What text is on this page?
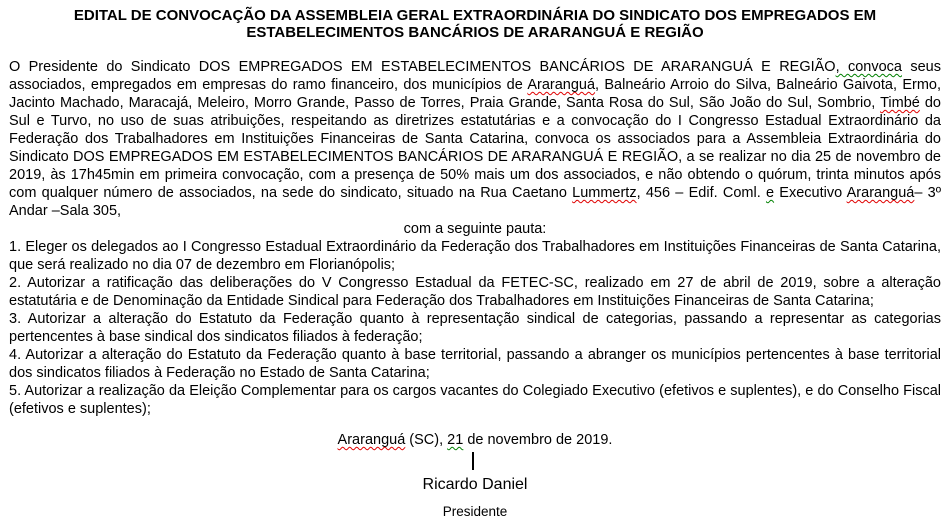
EDITAL DE CONVOCAÇÃO DA ASSEMBLEIA GERAL EXTRAORDINÁRIA DO SINDICATO DOS EMPREGADOS EM ESTABELECIMENTOS BANCÁRIOS DE ARARANGUÁ E REGIÃO

O Presidente do Sindicato DOS EMPREGADOS EM ESTABELECIMENTOS BANCÁRIOS DE ARARANGUÁ E REGIÃO, convoca seus associados, empregados em empresas do ramo financeiro, dos municípios de Araranguá, Balneário Arroio do Silva, Balneário Gaivota, Ermo, Jacinto Machado, Maracajá, Meleiro, Morro Grande, Passo de Torres, Praia Grande, Santa Rosa do Sul, São João do Sul, Sombrio, Timbé do Sul e Turvo, no uso de suas atribuições, respeitando as diretrizes estatutárias e a convocação do I Congresso Estadual Extraordinário da Federação dos Trabalhadores em Instituições Financeiras de Santa Catarina, convoca os associados para a Assembleia Extraordinária do Sindicato DOS EMPREGADOS EM ESTABELECIMENTOS BANCÁRIOS DE ARARANGUÁ E REGIÃO, a se realizar no dia 25 de novembro de 2019, às 17h45min em primeira convocação, com a presença de 50% mais um dos associados, e não obtendo o quórum, trinta minutos após com qualquer número de associados, na sede do sindicato, situado na Rua Caetano Lummertz, 456 – Edif. Coml. e Executivo Araranguá– 3º Andar –Sala 305,

com a seguinte pauta:

1. Eleger os delegados ao I Congresso Estadual Extraordinário da Federação dos Trabalhadores em Instituições Financeiras de Santa Catarina, que será realizado no dia 07 de dezembro em Florianópolis;

2. Autorizar a ratificação das deliberações do V Congresso Estadual da FETEC-SC, realizado em 27 de abril de 2019, sobre a alteração estatutária e de Denominação da Entidade Sindical para Federação dos Trabalhadores em Instituições Financeiras de Santa Catarina;

3. Autorizar a alteração do Estatuto da Federação quanto à representação sindical de categorias, passando a representar as categorias pertencentes à base sindical dos sindicatos filiados à federação;

4. Autorizar a alteração do Estatuto da Federação quanto à base territorial, passando a abranger os municípios pertencentes à base territorial dos sindicatos filiados à Federação no Estado de Santa Catarina;

5. Autorizar a realização da Eleição Complementar para os cargos vacantes do Colegiado Executivo (efetivos e suplentes), e do Conselho Fiscal (efetivos e suplentes);

Araranguá (SC), 21 de novembro de 2019.
Ricardo Daniel
Presidente
